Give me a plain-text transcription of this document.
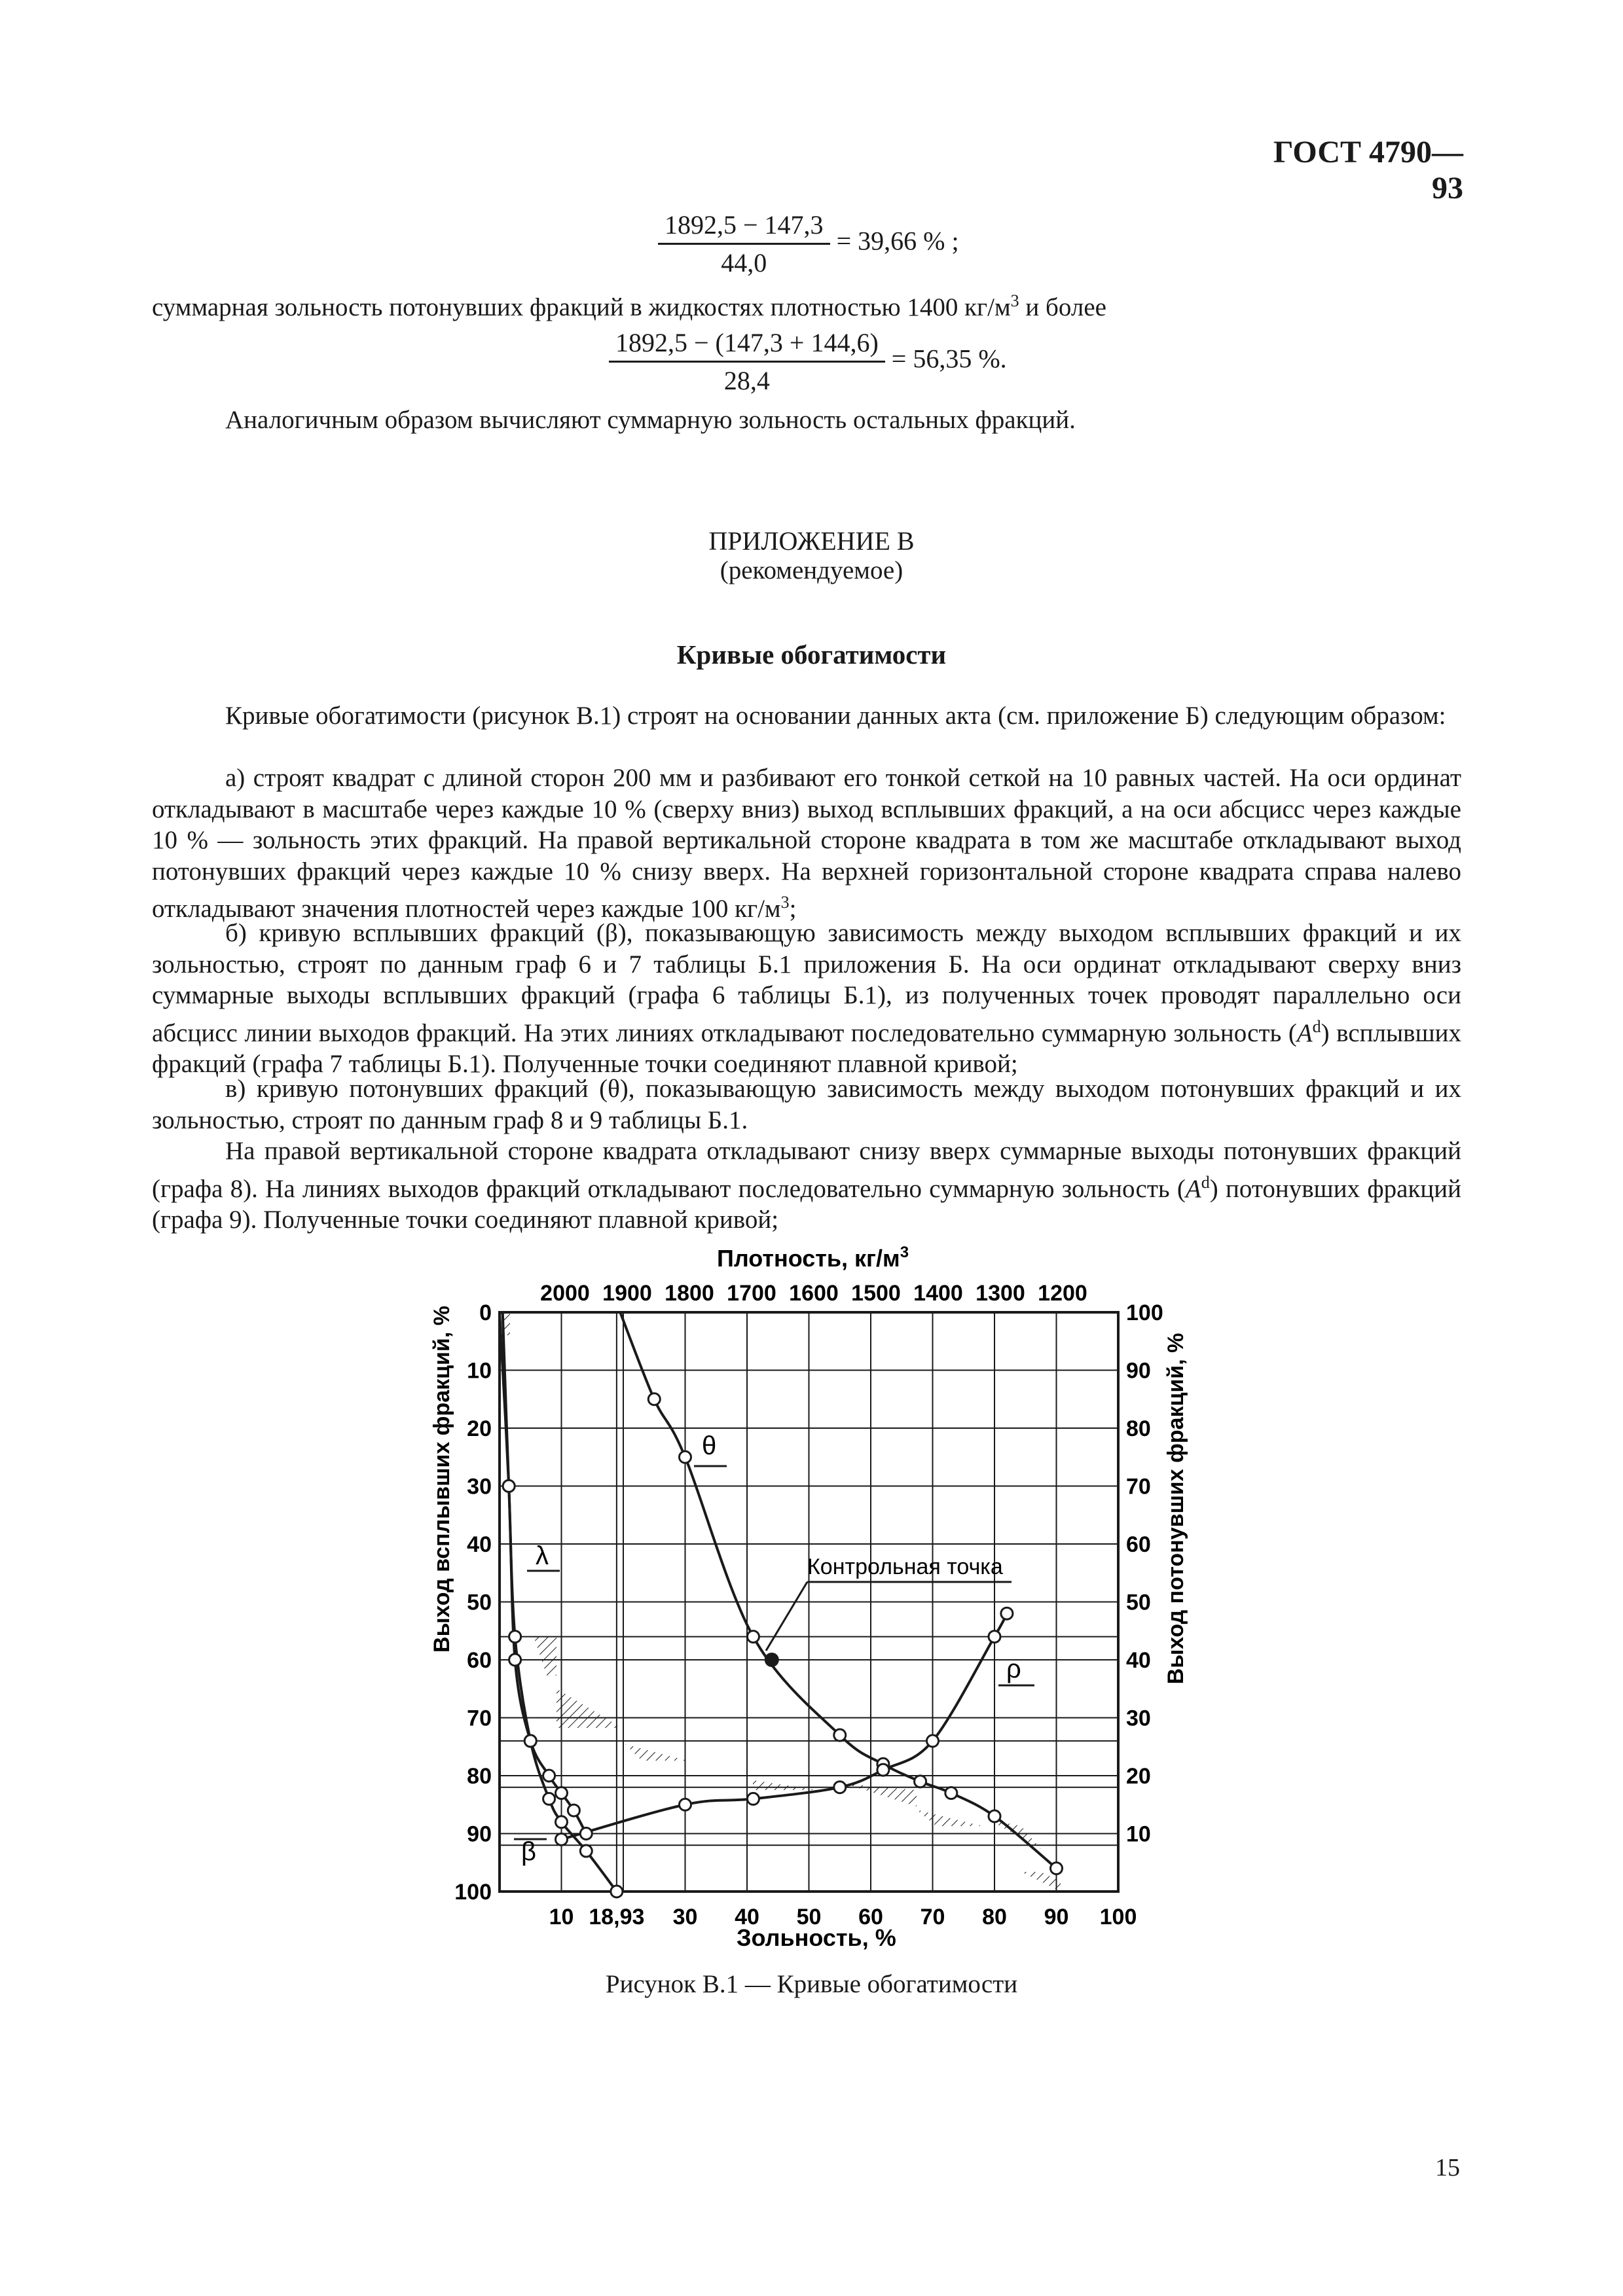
ГОСТ 4790—93
$\frac{1892,5 - 147,3}{44,0} = 39,66$ % ;
суммарная зольность потонувших фракций в жидкостях плотностью 1400 $кг/м^3$ и более
$\frac{1892,5 - (147,3 + 144,6)}{28,4} = 56,35$ %.
Аналогичным образом вычисляют суммарную зольность остальных фракций.
ПРИЛОЖЕНИЕ В
(рекомендуемое)
Кривые обогатимости
Кривые обогатимости (рисунок В.1) строят на основании данных акта (см. приложение Б) следующим образом:
а) строят квадрат с длиной сторон 200 мм и разбивают его тонкой сеткой на 10 равных частей. На оси ординат откладывают в масштабе через каждые 10 % (сверху вниз) выход всплывших фракций, а на оси абсцисс через каждые 10 % — зольность этих фракций. На правой вертикальной стороне квадрата в том же масштабе откладывают выход потонувших фракций через каждые 10 % снизу вверх. На верхней горизонтальной стороне квадрата справа налево откладывают значения плотностей через каждые 100 $кг/м^3$;
б) кривую всплывших фракций (β), показывающую зависимость между выходом всплывших фракций и их зольностью, строят по данным граф 6 и 7 таблицы Б.1 приложения Б. На оси ординат откладывают сверху вниз суммарные выходы всплывших фракций (графа 6 таблицы Б.1), из полученных точек проводят параллельно оси абсцисс линии выходов фракций. На этих линиях откладывают последовательно суммарную зольность $(A^d)$ всплывших фракций (графа 7 таблицы Б.1). Полученные точки соединяют плавной кривой;
в) кривую потонувших фракций (θ), показывающую зависимость между выходом потонувших фракций и их зольностью, строят по данным граф 8 и 9 таблицы Б.1.
На правой вертикальной стороне квадрата откладывают снизу вверх суммарные выходы потонувших фракций (графа 8). На линиях выходов фракций откладывают последовательно суммарную зольность $(A^d)$ потонувших фракций (графа 9). Полученные точки соединяют плавной кривой;
10 18,93 30 40 50 60 70 80 90 100
2000 1900 1800 1700 1600 1500 1400 1300 1200
0
10
20
30
40
50
60
70
80
90
100
100
90
80
70
60
50
40
30
20
10
Плотность, $кг/м^3$
Зольность, %
Выход всплывших фракций, %	Выход потонувших фракций, %
θ
λ
β
ρ
Контрольная точка
Рисунок В.1 — Кривые обогатимости
15
